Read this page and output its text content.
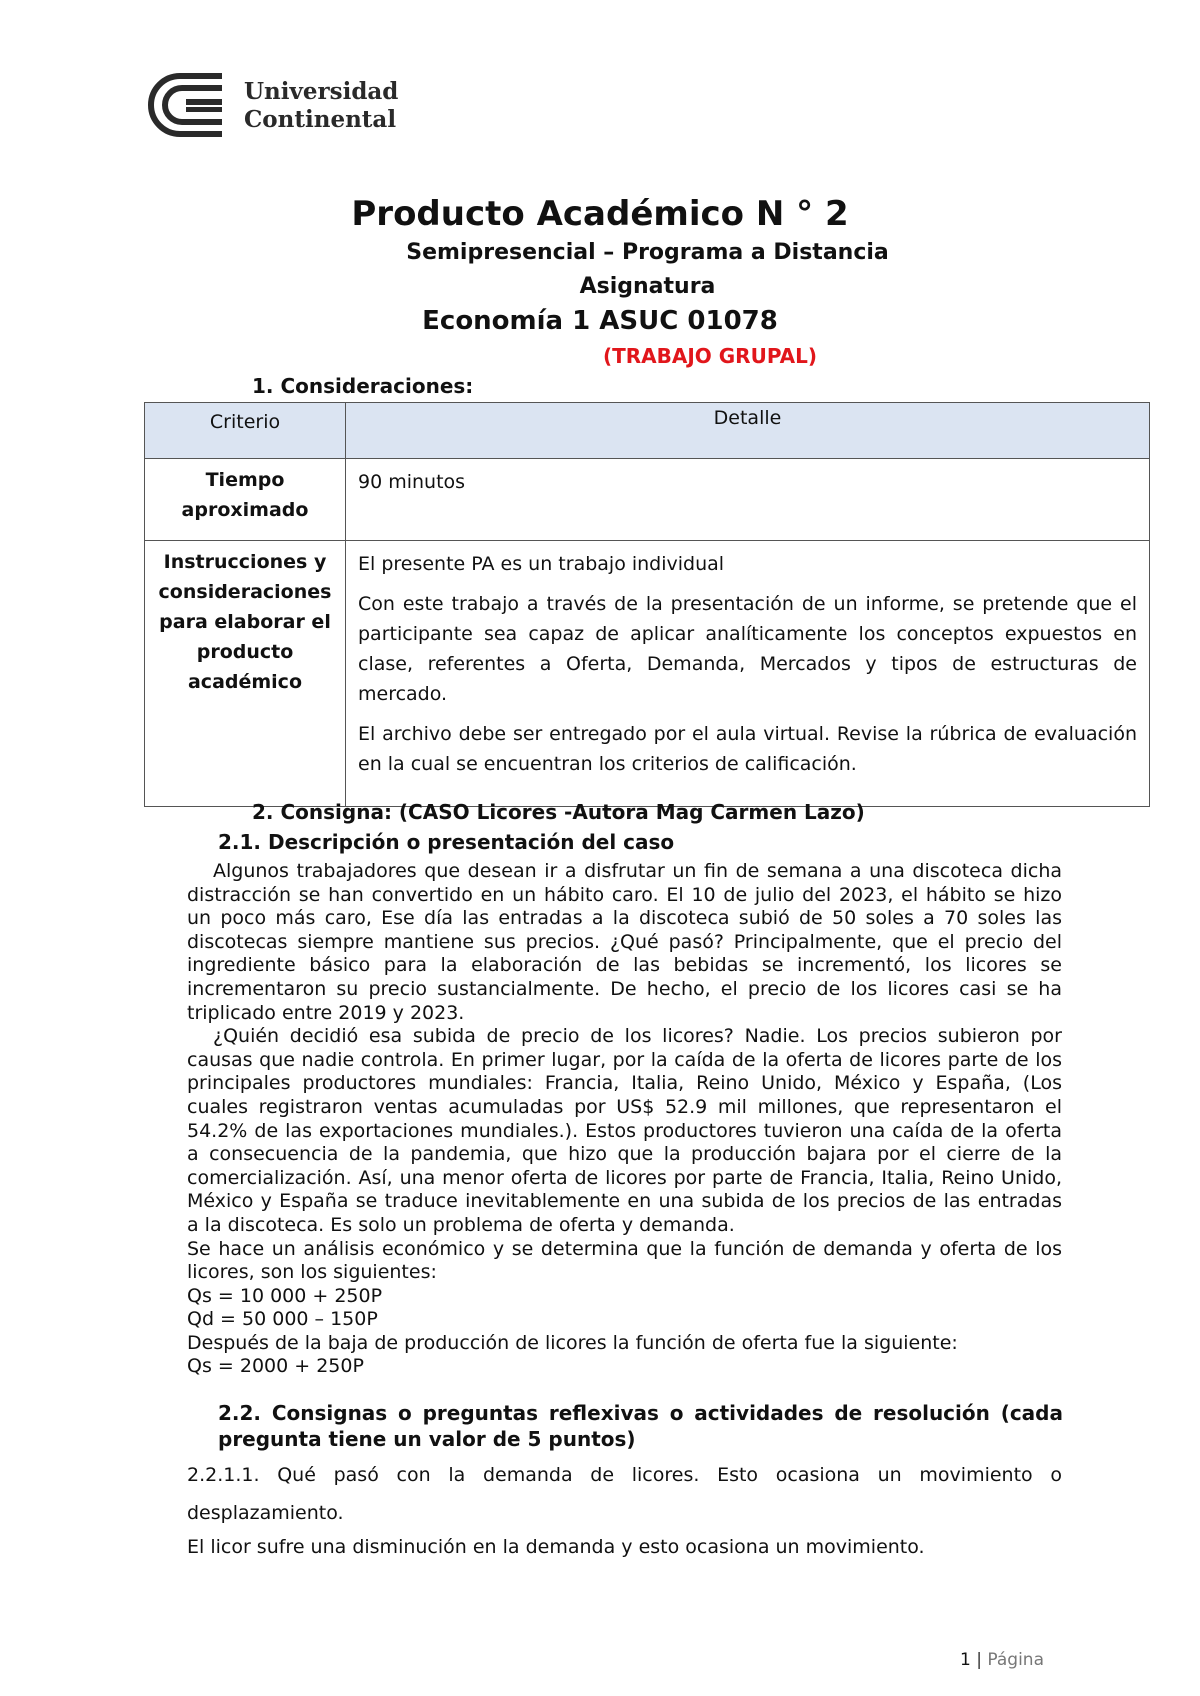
Universidad
Continental
Producto Académico N ° 2
Semipresencial – Programa a Distancia
Asignatura
Economía 1 ASUC 01078
(TRABAJO GRUPAL)
1. Consideraciones:
Criterio	Detalle
Tiempo aproximado	90 minutos

Instrucciones y consideraciones para elaborar el producto académico	El presente PA es un trabajo individual

Con este trabajo a través de la presentación de un informe, se pretende que el participante sea capaz de aplicar analíticamente los conceptos expuestos en clase, referentes a Oferta, Demanda, Mercados y tipos de estructuras de mercado.

El archivo debe ser entregado por el aula virtual. Revise la rúbrica de evaluación en la cual se encuentran los criterios de calificación.

2. Consigna: (CASO Licores -Autora Mag Carmen Lazo)
2.1. Descripción o presentación del caso

Algunos trabajadores que desean ir a disfrutar un fin de semana a una discoteca dicha distracción se han convertido en un hábito caro. El 10 de julio del 2023, el hábito se hizo un poco más caro, Ese día las entradas a la discoteca subió de 50 soles a 70 soles las discotecas siempre mantiene sus precios. ¿Qué pasó? Principalmente, que el precio del ingrediente básico para la elaboración de las bebidas se incrementó, los licores se incrementaron su precio sustancialmente. De hecho, el precio de los licores casi se ha triplicado entre 2019 y 2023.

¿Quién decidió esa subida de precio de los licores? Nadie. Los precios subieron por causas que nadie controla. En primer lugar, por la caída de la oferta de licores parte de los principales productores mundiales: Francia, Italia, Reino Unido, México y España, (Los cuales registraron ventas acumuladas por US$ 52.9 mil millones, que representaron el 54.2% de las exportaciones mundiales.). Estos productores tuvieron una caída de la oferta a consecuencia de la pandemia, que hizo que la producción bajara por el cierre de la comercialización. Así, una menor oferta de licores por parte de Francia, Italia, Reino Unido, México y España se traduce inevitablemente en una subida de los precios de las entradas a la discoteca. Es solo un problema de oferta y demanda.

Se hace un análisis económico y se determina que la función de demanda y oferta de los licores, son los siguientes:

Qs = 10 000 + 250P

Qd = 50 000 – 150P

Después de la baja de producción de licores la función de oferta fue la siguiente:

Qs = 2000 + 250P

2.2. Consignas o preguntas reflexivas o actividades de resolución (cada pregunta tiene un valor de 5 puntos)
2.2.1.1. Qué pasó con la demanda de licores. Esto ocasiona un movimiento o desplazamiento.
El licor sufre una disminución en la demanda y esto ocasiona un movimiento.
1 | Página
